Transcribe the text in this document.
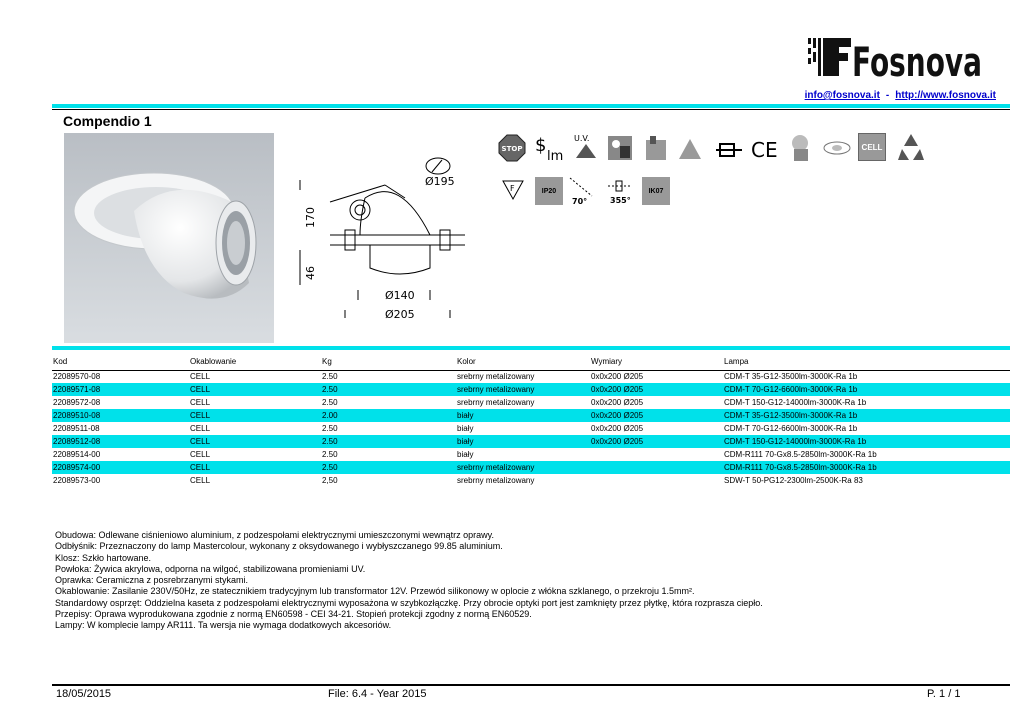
Fosnova
info@fosnova.it - http://www.fosnova.it
Compendio 1
Ø195
170
46
Ø140
Ø205
STOP $
lm
U.V.	CE	CELL
F	IP20
70°	355°
IK07
Kod	Okablowanie	Kg	Kolor	Wymiary	Lampa
22089570-08	CELL	2.50	srebrny metalizowany	0x0x200 Ø205	CDM-T 35-G12-3500lm-3000K-Ra 1b
22089571-08	CELL	2.50	srebrny metalizowany	0x0x200 Ø205	CDM-T 70-G12-6600lm-3000K-Ra 1b
22089572-08	CELL	2.50	srebrny metalizowany	0x0x200 Ø205	CDM-T 150-G12-14000lm-3000K-Ra 1b
22089510-08	CELL	2.00	biały	0x0x200 Ø205	CDM-T 35-G12-3500lm-3000K-Ra 1b
22089511-08	CELL	2.50	biały	0x0x200 Ø205	CDM-T 70-G12-6600lm-3000K-Ra 1b
22089512-08	CELL	2.50	biały	0x0x200 Ø205	CDM-T 150-G12-14000lm-3000K-Ra 1b
22089514-00	CELL	2.50	biały		CDM-R111 70-Gx8.5-2850lm-3000K-Ra 1b
22089574-00	CELL	2.50	srebrny metalizowany		CDM-R111 70-Gx8.5-2850lm-3000K-Ra 1b
22089573-00	CELL	2,50	srebrny metalizowany		SDW-T 50-PG12-2300lm-2500K-Ra 83
Obudowa: Odlewane ciśnieniowo aluminium, z podzespołami elektrycznymi umieszczonymi wewnątrz oprawy.
Odbłyśnik: Przeznaczony do lamp Mastercolour, wykonany z oksydowanego i wybłyszczanego 99.85 aluminium.
Klosz: Szkło hartowane.
Powłoka: Żywica akrylowa, odporna na wilgoć, stabilizowana promieniami UV.
Oprawka: Ceramiczna z posrebrzanymi stykami.
Okablowanie: Zasilanie 230V/50Hz, ze statecznikiem tradycyjnym lub transformator 12V. Przewód silikonowy w oplocie z włókna szklanego, o przekroju 1.5mm².
Standardowy osprzęt: Oddzielna kaseta z podzespołami elektrycznymi wyposażona w szybkozłączkę. Przy obrocie optyki port jest zamknięty przez płytkę, która rozprasza ciepło.
Przepisy: Oprawa wyprodukowana zgodnie z normą EN60598 - CEI 34-21. Stopień protekcji zgodny z normą EN60529.
Lampy: W komplecie lampy AR111. Ta wersja nie wymaga dodatkowych akcesoriów.
18/05/2015	File: 6.4 - Year 2015	P. 1 / 1
